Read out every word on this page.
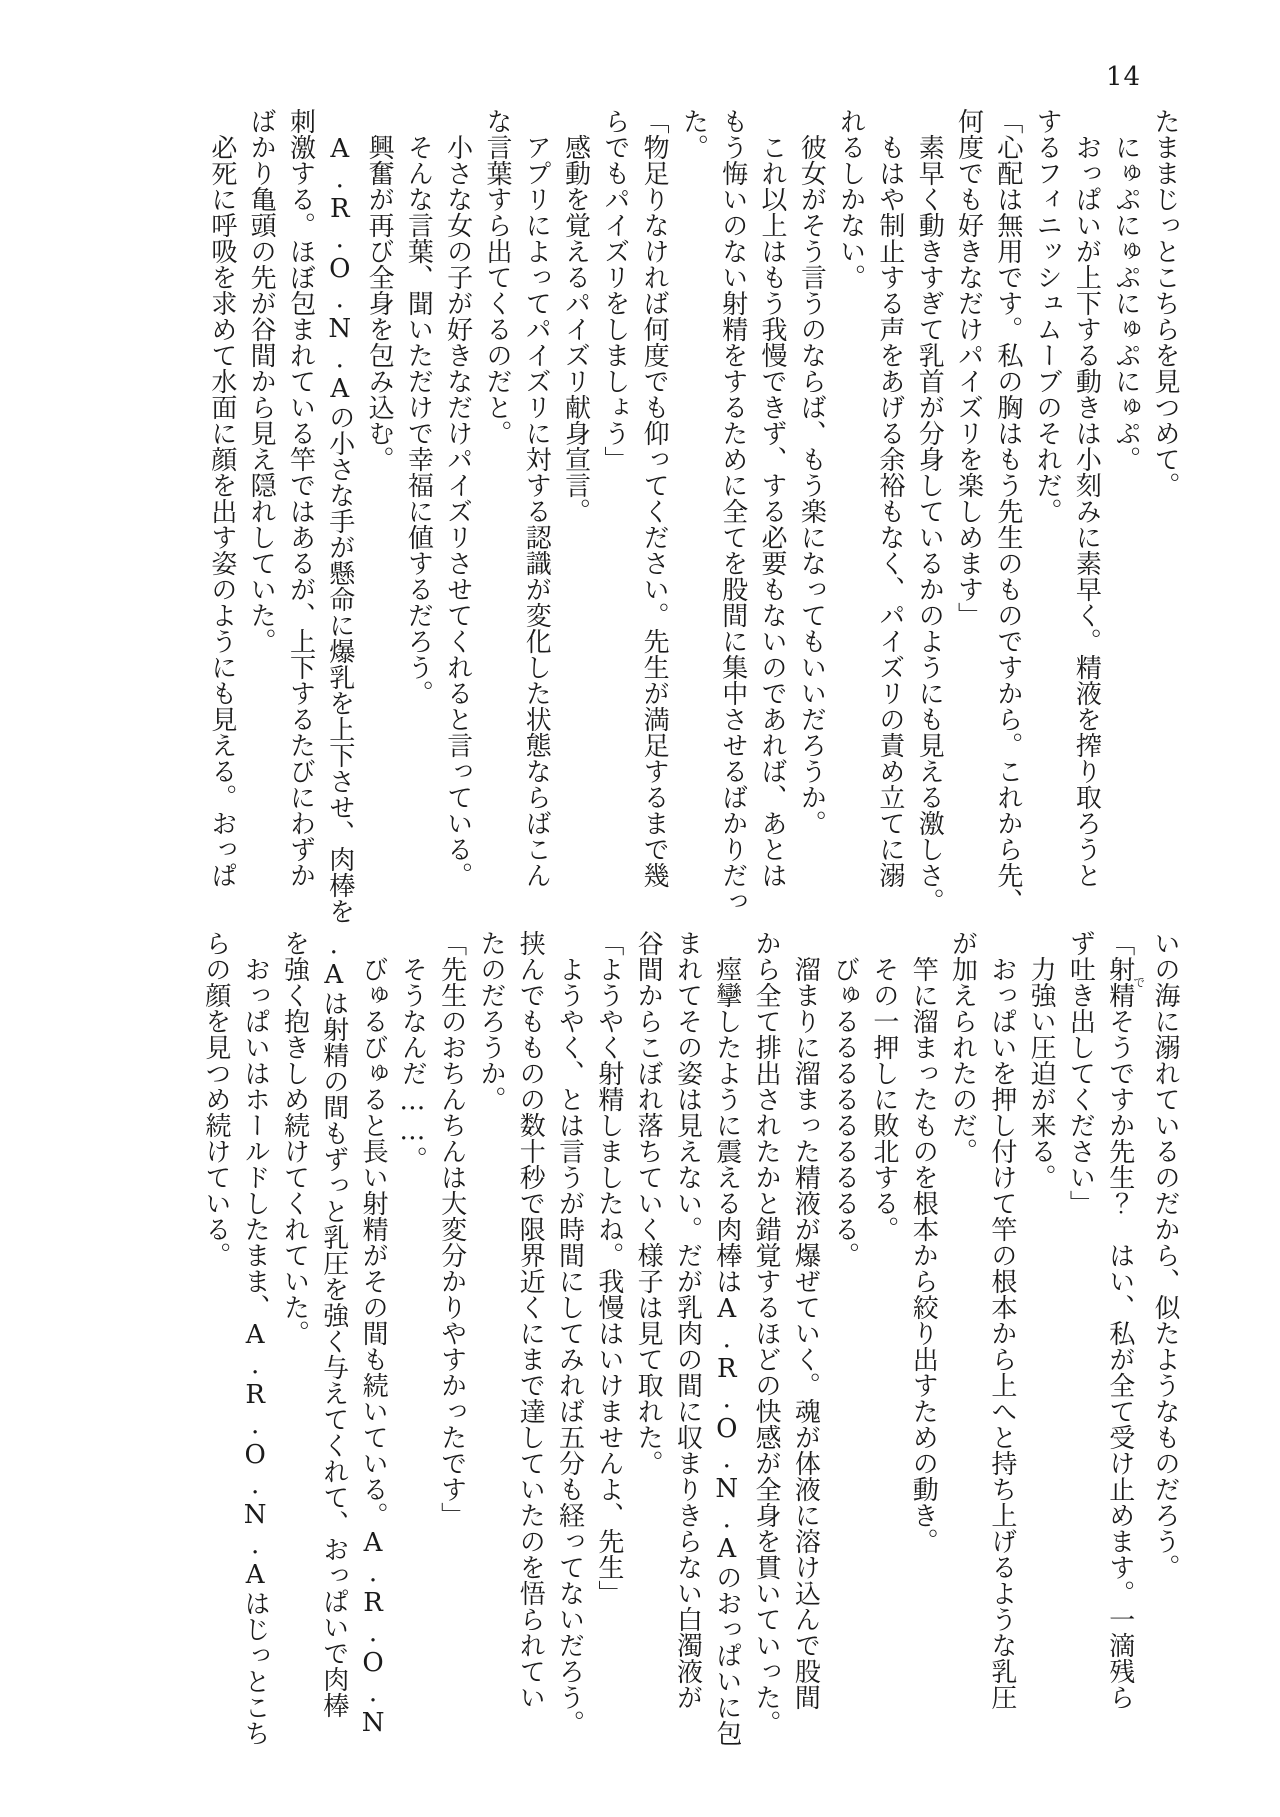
14

たままじっとこちらを見つめて。

　にゅぷにゅぷにゅぷにゅぷ。

　おっぱいが上下する動きは小刻みに素早く。精液を搾り取ろうと

するフィニッシュムーブのそれだ。

「心配は無用です。私の胸はもう先生のものですから。これから先、

何度でも好きなだけパイズリを楽しめます」

　素早く動きすぎて乳首が分身しているかのようにも見える激しさ。

　もはや制止する声をあげる余裕もなく、パイズリの責め立てに溺

れるしかない。

　彼女がそう言うのならば、もう楽になってもいいだろうか。

　これ以上はもう我慢できず、する必要もないのであれば、あとは

もう悔いのない射精をするために全てを股間に集中させるばかりだっ

た。

「物足りなければ何度でも仰ってください。先生が満足するまで幾

らでもパイズリをしましょう」

　感動を覚えるパイズリ献身宣言。

　アプリによってパイズリに対する認識が変化した状態ならばこん

な言葉すら出てくるのだと。

　小さな女の子が好きなだけパイズリさせてくれると言っている。

　そんな言葉、聞いただけで幸福に値するだろう。

　興奮が再び全身を包み込む。

　A.R.O.N.Aの小さな手が懸命に爆乳を上下させ、肉棒を

刺激する。ほぼ包まれている竿ではあるが、上下するたびにわずか

ばかり亀頭の先が谷間から見え隠れしていた。

　必死に呼吸を求めて水面に顔を出す姿のようにも見える。おっぱ

いの海に溺れているのだから、似たようなものだろう。

「射精でそうですか先生？　はい、私が全て受け止めます。一滴残ら

ず吐き出してください」

　力強い圧迫が来る。

　おっぱいを押し付けて竿の根本から上へと持ち上げるような乳圧

が加えられたのだ。

　竿に溜まったものを根本から絞り出すための動き。

　その一押しに敗北する。

　びゅるるるるるるるるる。

　溜まりに溜まった精液が爆ぜていく。魂が体液に溶け込んで股間

から全て排出されたかと錯覚するほどの快感が全身を貫いていった。

　痙攣したように震える肉棒はA.R.O.N.Aのおっぱいに包

まれてその姿は見えない。だが乳肉の間に収まりきらない白濁液が

谷間からこぼれ落ちていく様子は見て取れた。

「ようやく射精しましたね。我慢はいけませんよ、先生」

　ようやく、とは言うが時間にしてみれば五分も経ってないだろう。

挟んでもものの数十秒で限界近くにまで達していたのを悟られてい

たのだろうか。

「先生のおちんちんは大変分かりやすかったです」

　そうなんだ……。

　びゅるびゅると長い射精がその間も続いている。A.R.O.N

.Aは射精の間もずっと乳圧を強く与えてくれて、おっぱいで肉棒

を強く抱きしめ続けてくれていた。

　おっぱいはホールドしたまま、A.R.O.N.Aはじっとこち

らの顔を見つめ続けている。
